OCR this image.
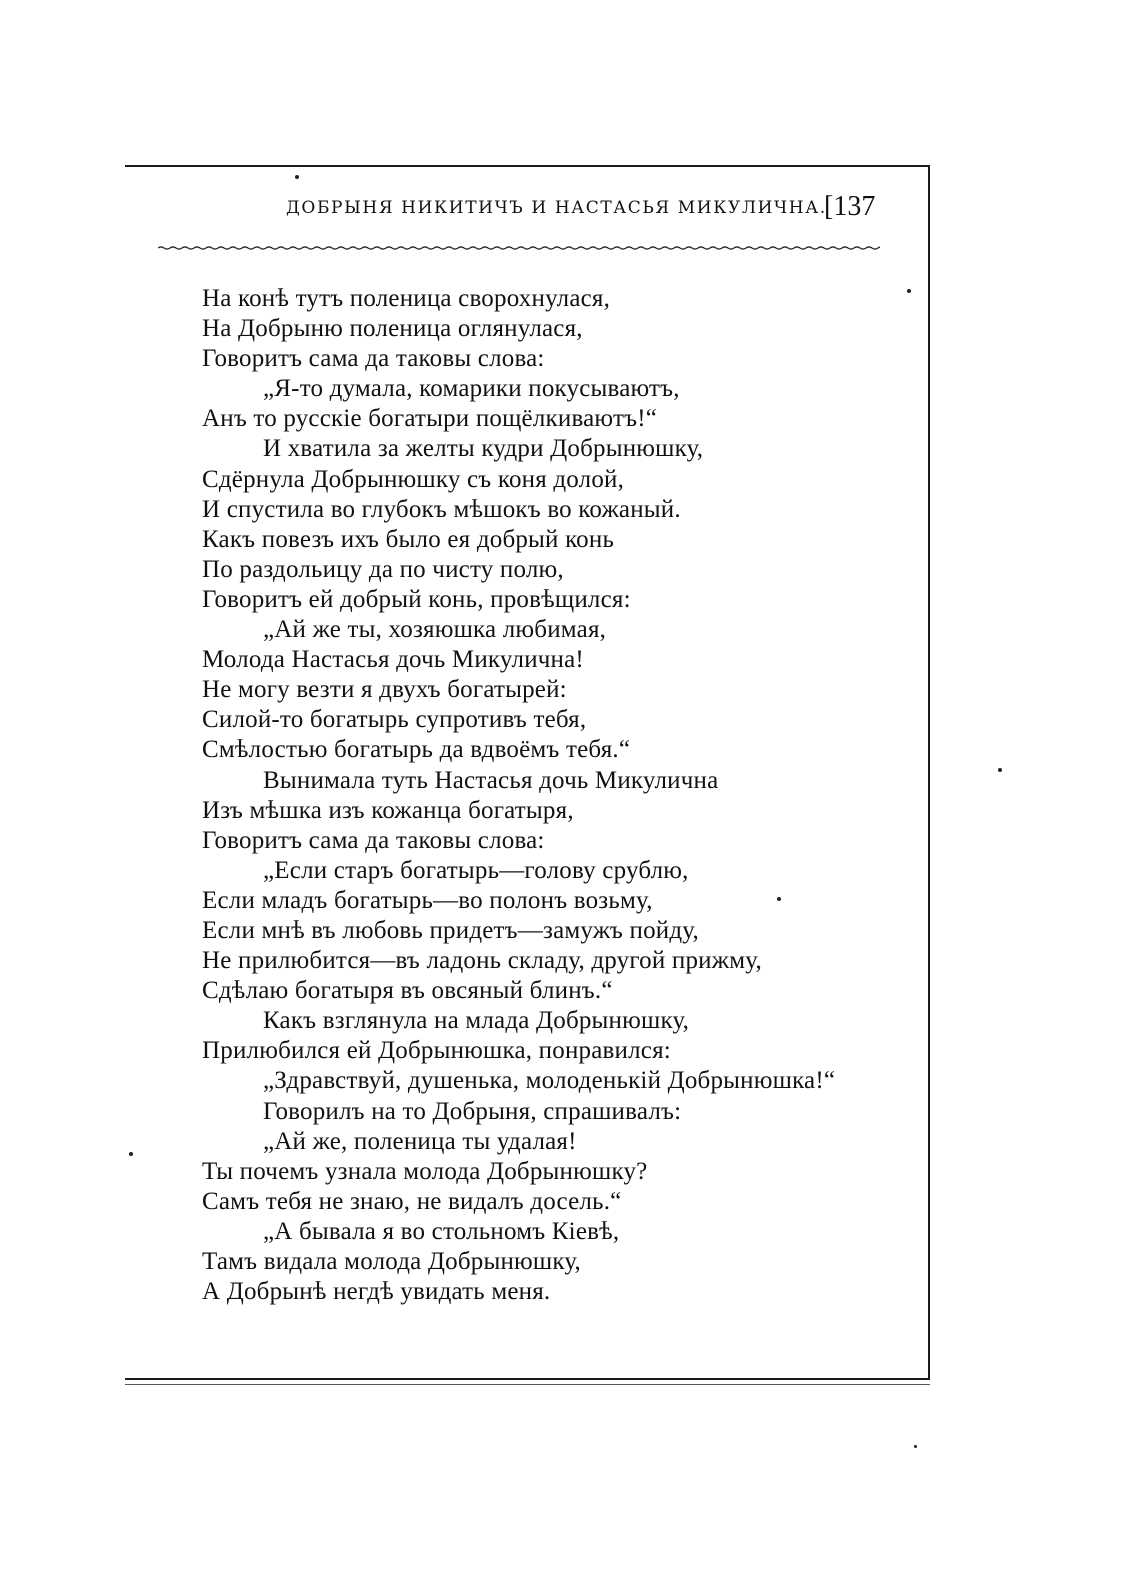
ДОБРЫНЯ НИКИТИЧЪ И НАСТАСЬЯ МИКУЛИЧНА.
[137
На конѣ тутъ поленица сворохнулася,
На Добрыню поленица оглянулася,
Говоритъ сама да таковы слова:
„Я-то думала, комарики покусываютъ,
Анъ то русскіе богатыри пощёлкиваютъ!“
И хватила за желты кудри Добрынюшку,
Сдёрнула Добрынюшку съ коня долой,
И спустила во глубокъ мѣшокъ во кожаный.
Какъ повезъ ихъ было ея добрый конь
По раздольицу да по чисту полю,
Говоритъ ей добрый конь, провѣщился:
„Ай же ты, хозяюшка любимая,
Молода Настасья дочь Микулична!
Не могу везти я двухъ богатырей:
Силой-то богатырь супротивъ тебя,
Смѣлостью богатырь да вдвоёмъ тебя.“
Вынимала туть Настасья дочь Микулична
Изъ мѣшка изъ кожанца богатыря,
Говоритъ сама да таковы слова:
„Если старъ богатырь—голову срублю,
Если младъ богатырь—во полонъ возьму,
Если мнѣ въ любовь придетъ—замужъ пойду,
Не прилюбится—въ ладонь складу, другой прижму,
Сдѣлаю богатыря въ овсяный блинъ.“
Какъ взглянула на млада Добрынюшку,
Прилюбился ей Добрынюшка, понравился:
„Здравствуй, душенька, молоденькій Добрынюшка!“
Говорилъ на то Добрыня, спрашивалъ:
„Ай же, поленица ты удалая!
Ты почемъ узнала молода Добрынюшку?
Самъ тебя не знаю, не видалъ досель.“
„А бывала я во стольномъ Кіевѣ,
Тамъ видала молода Добрынюшку,
А Добрынѣ негдѣ увидать меня.
